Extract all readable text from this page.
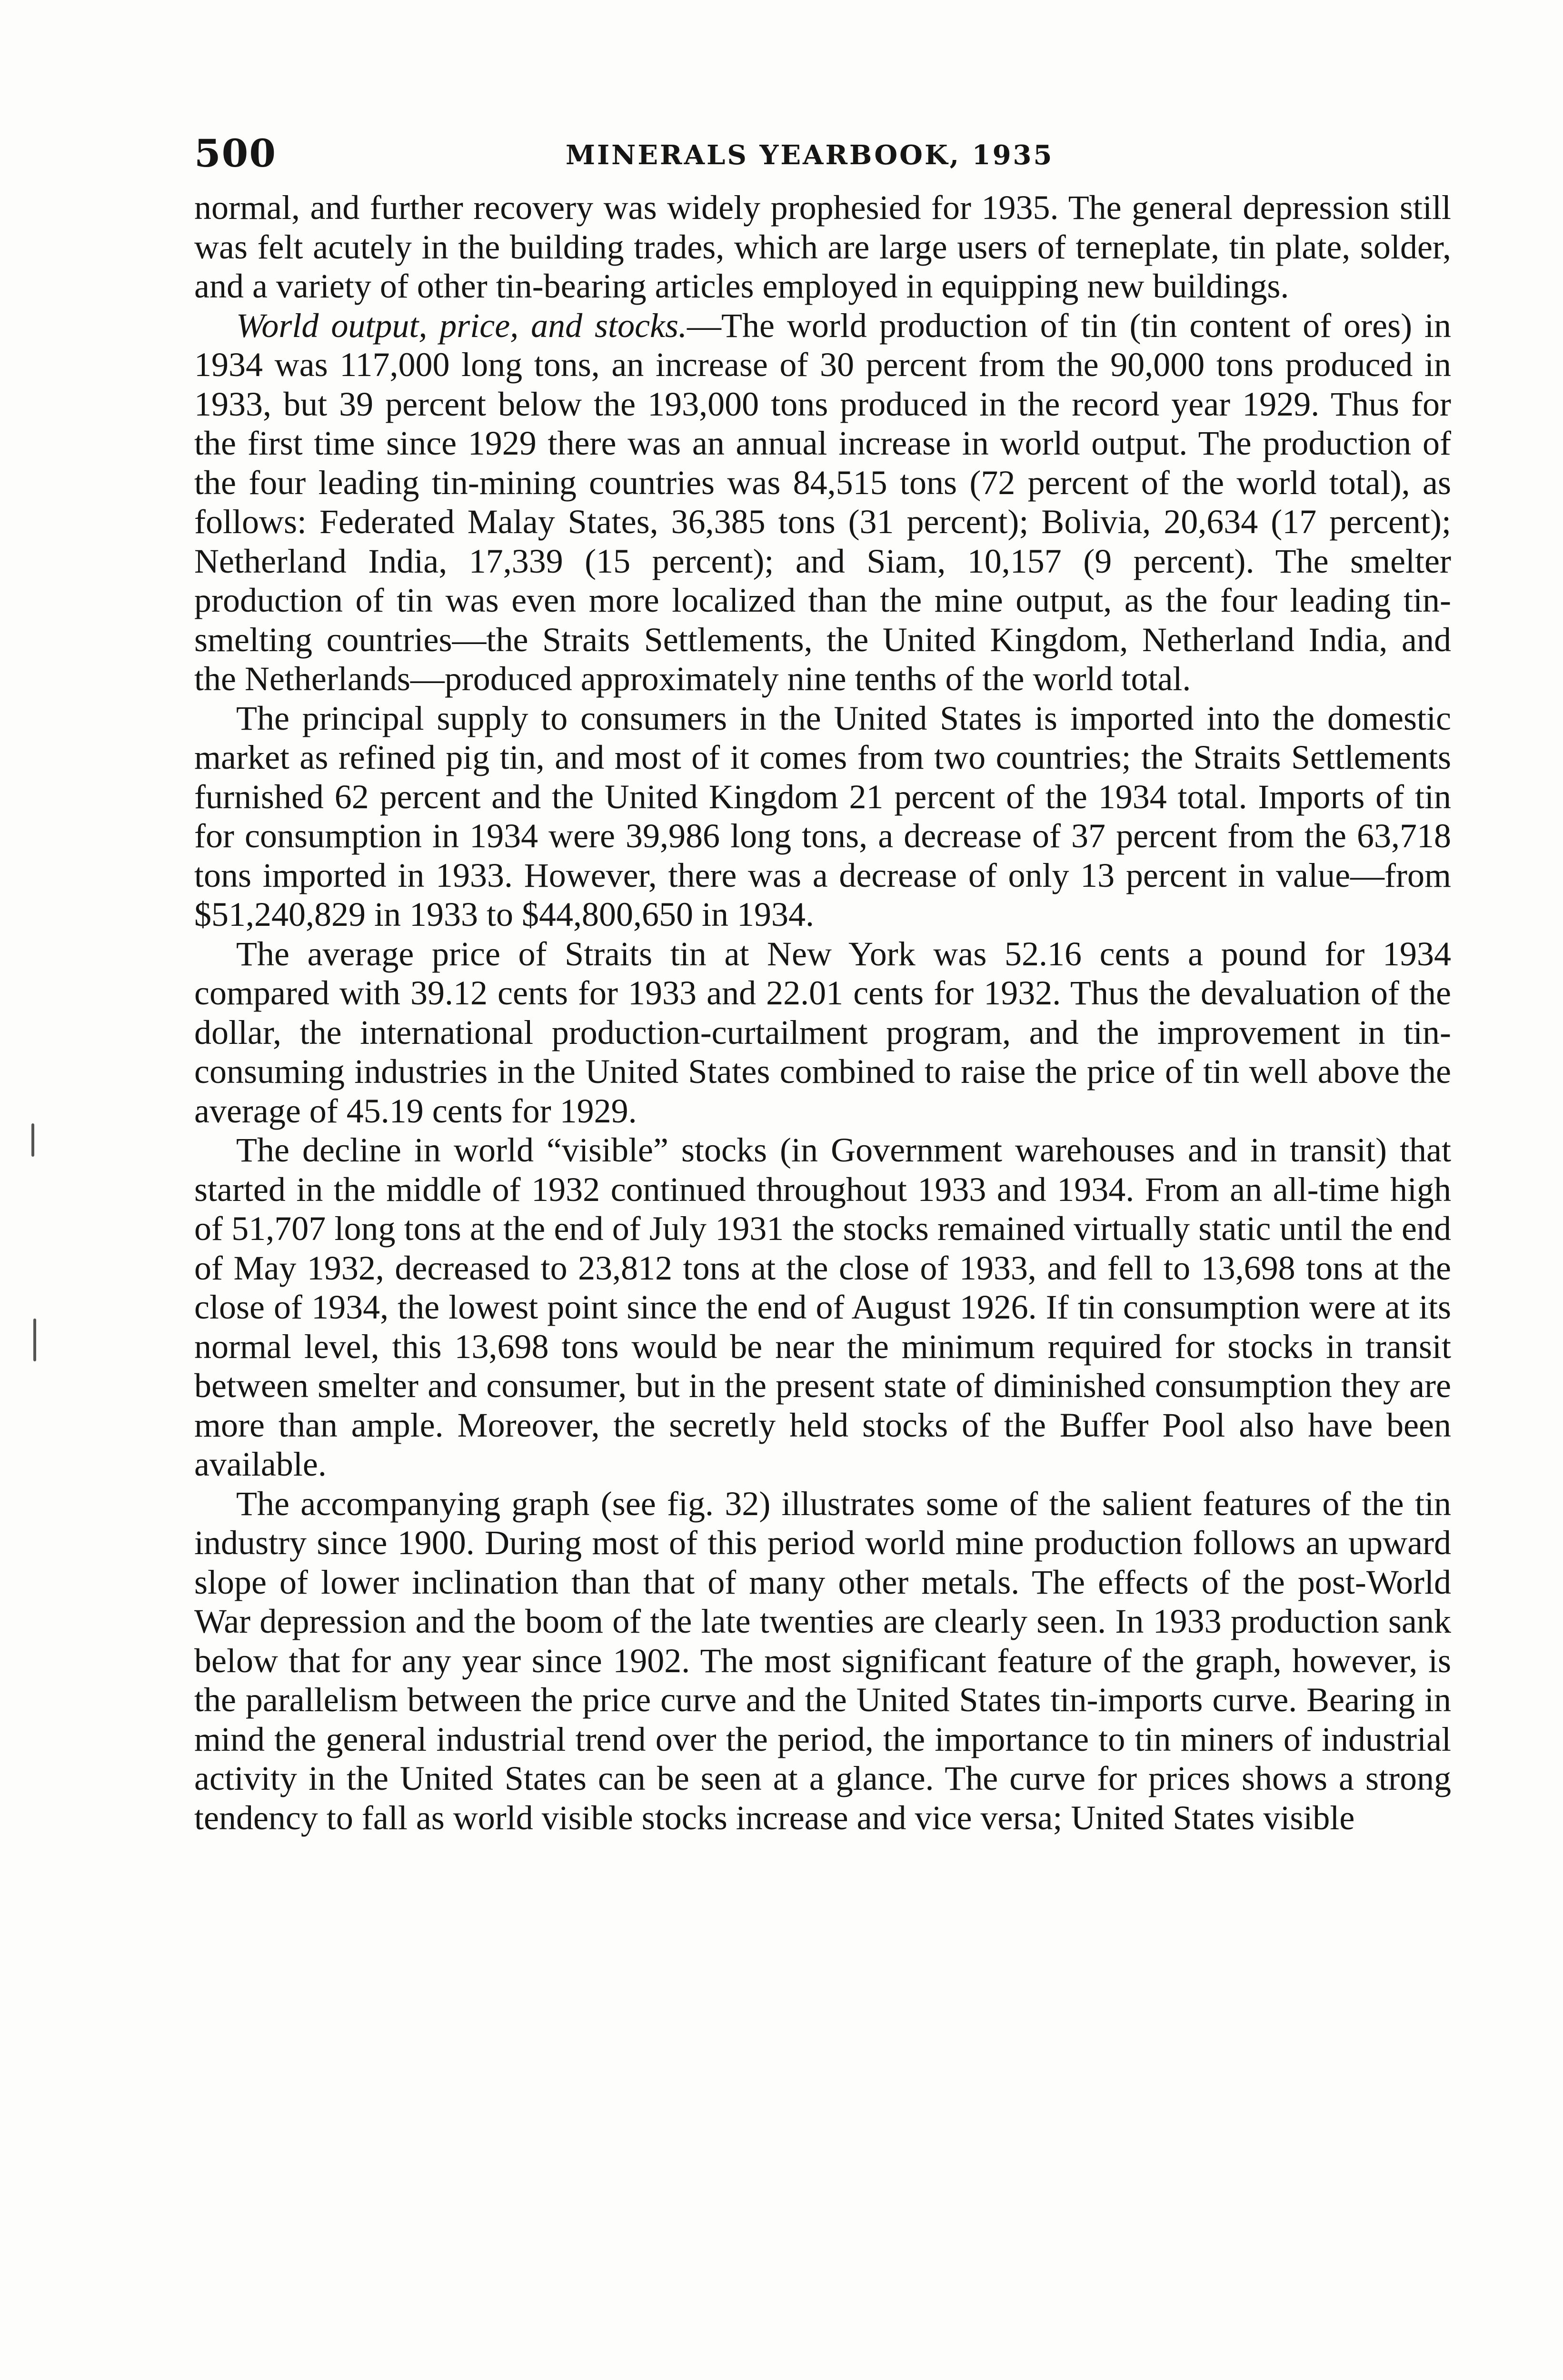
500	MINERALS YEARBOOK, 1935

normal, and further recovery was widely prophesied for 1935. The general depression still was felt acutely in the building trades, which are large users of terneplate, tin plate, solder, and a variety of other tin-bearing articles employed in equipping new buildings.

World output, price, and stocks.—The world production of tin (tin content of ores) in 1934 was 117,000 long tons, an increase of 30 percent from the 90,000 tons produced in 1933, but 39 percent below the 193,000 tons produced in the record year 1929. Thus for the first time since 1929 there was an annual increase in world output. The production of the four leading tin-mining countries was 84,515 tons (72 percent of the world total), as follows: Federated Malay States, 36,385 tons (31 percent); Bolivia, 20,634 (17 percent); Netherland India, 17,339 (15 percent); and Siam, 10,157 (9 percent). The smelter production of tin was even more localized than the mine output, as the four leading tin-smelting countries—the Straits Settlements, the United Kingdom, Netherland India, and the Netherlands—produced approximately nine tenths of the world total.

The principal supply to consumers in the United States is imported into the domestic market as refined pig tin, and most of it comes from two countries; the Straits Settlements furnished 62 percent and the United Kingdom 21 percent of the 1934 total. Imports of tin for consumption in 1934 were 39,986 long tons, a decrease of 37 percent from the 63,718 tons imported in 1933. However, there was a decrease of only 13 percent in value—from $51,240,829 in 1933 to $44,800,650 in 1934.

The average price of Straits tin at New York was 52.16 cents a pound for 1934 compared with 39.12 cents for 1933 and 22.01 cents for 1932. Thus the devaluation of the dollar, the international production-curtailment program, and the improvement in tin-consuming industries in the United States combined to raise the price of tin well above the average of 45.19 cents for 1929.

The decline in world “visible” stocks (in Government warehouses and in transit) that started in the middle of 1932 continued throughout 1933 and 1934. From an all-time high of 51,707 long tons at the end of July 1931 the stocks remained virtually static until the end of May 1932, decreased to 23,812 tons at the close of 1933, and fell to 13,698 tons at the close of 1934, the lowest point since the end of August 1926. If tin consumption were at its normal level, this 13,698 tons would be near the minimum required for stocks in transit between smelter and consumer, but in the present state of diminished consumption they are more than ample. Moreover, the secretly held stocks of the Buffer Pool also have been available.

The accompanying graph (see fig. 32) illustrates some of the salient features of the tin industry since 1900. During most of this period world mine production follows an upward slope of lower inclination than that of many other metals. The effects of the post-World War depression and the boom of the late twenties are clearly seen. In 1933 production sank below that for any year since 1902. The most significant feature of the graph, however, is the parallelism between the price curve and the United States tin-imports curve. Bearing in mind the general industrial trend over the period, the importance to tin miners of industrial activity in the United States can be seen at a glance. The curve for prices shows a strong tendency to fall as world visible stocks increase and vice versa; United States visible
